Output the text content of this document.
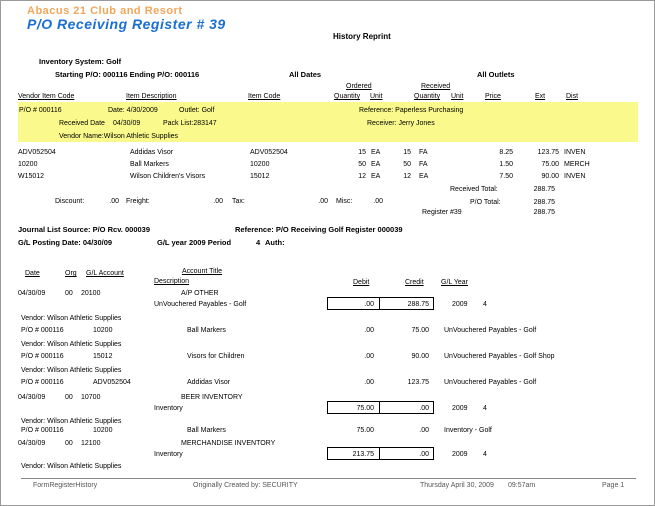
Abacus 21 Club and Resort
P/O Receiving Register # 39
History Reprint
Inventory System: Golf
Starting P/O: 000116 Ending P/O: 000116	All Dates	All Outlets
Ordered	Received
Vendor Item Code	Item Description	Item Code	Quantity Unit	Quantity Unit	Price	Ext	Dist
P/O # 000116	Date: 4/30/2009	Outlet: Golf	Reference: Paperless Purchasing
Received Date 04/30/09	Pack List:283147	Receiver: Jerry Jones
Vendor Name:Wilson Athletic Supplies
ADV052504	Addidas Visor	ADV052504	15 EA	15 FA	8.25	123.75 INVEN
10200	Ball Markers	10200	50 EA	50 FA	1.50	75.00 MERCH
W15012	Wilson Children's Visors	15012	12 EA	12 EA	7.50	90.00 INVEN
Received Total:	288.75
Discount:	.00 Freight:	.00 Tax:	.00 Misc:	.00	P/O Total:	288.75
Register #39	288.75
Journal List Source: P/O Rcv. 000039	Reference: P/O Receiving Golf Register 000039
G/L Posting Date: 04/30/09	G/L year 2009 Period	4 Auth:
Account Title
Date	Org G/L Account
Description	Debit	Credit G/L Year
04/30/09	00 20100	A/P OTHER
UnVouchered Payables - Golf	.00	288.75	2009 4
Vendor: Wilson Athletic Supplies
P/O # 000116	10200	Ball Markers	.00	75.00 UnVouchered Payables - Golf
Vendor: Wilson Athletic Supplies
P/O # 000116	15012	Visors for Children	.00	90.00 UnVouchered Payables - Golf Shop
Vendor: Wilson Athletic Supplies
P/O # 000116	ADV052504	Addidas Visor	.00	123.75 UnVouchered Payables - Golf
04/30/09	00 10700	BEER INVENTORY
Inventory	75.00	.00	2009 4
Vendor: Wilson Athletic Supplies
P/O # 000116	10200	Ball Markers	75.00	.00 Inventory - Golf
04/30/09	00 12100	MERCHANDISE INVENTORY
Inventory	213.75	.00	2009 4
Vendor: Wilson Athletic Supplies
FormRegisterHistory	Originally Created by: SECURITY	Thursday April 30, 2009 09:57am	Page 1
